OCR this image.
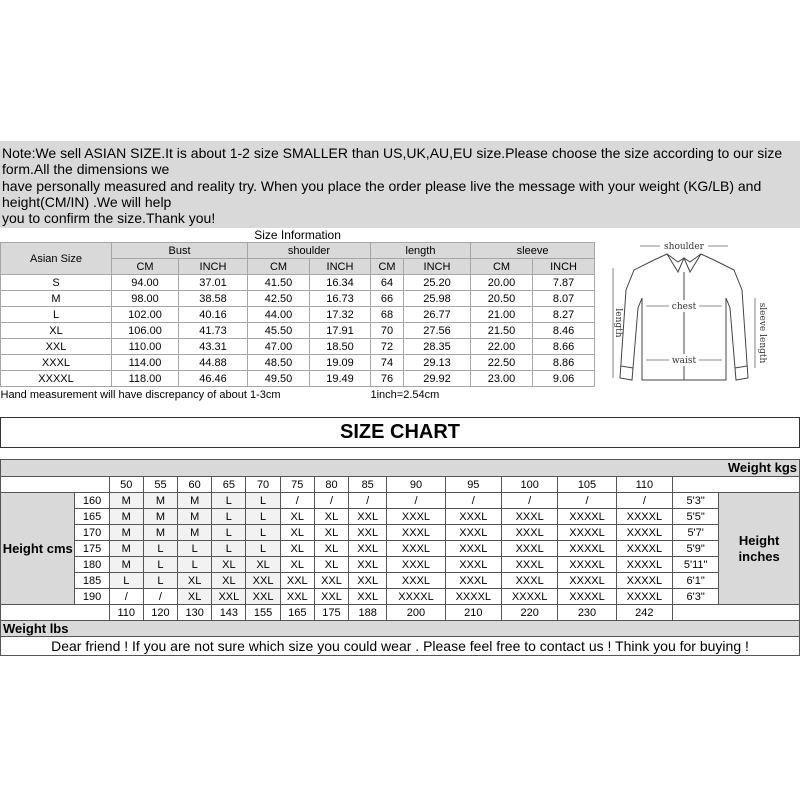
Note:We sell ASIAN SIZE.It is about 1-2 size SMALLER than US,UK,AU,EU size.Please choose the size according to our size form.All the dimensions we

have personally measured and reality try. When you place the order please live the message with your weight (KG/LB) and height(CM/IN) .We will help

you to confirm the size.Thank you!

Size Information								
Asian Size	Bust		shoulder		length		sleeve	
	CM	INCH	CM	INCH	CM	INCH	CM	INCH
S	94.00	37.01	41.50	16.34	64	25.20	20.00	7.87
M	98.00	38.58	42.50	16.73	66	25.98	20.50	8.07
L	102.00	40.16	44.00	17.32	68	26.77	21.00	8.27
XL	106.00	41.73	45.50	17.91	70	27.56	21.50	8.46
XXL	110.00	43.31	47.00	18.50	72	28.35	22.00	8.66
XXXL	114.00	44.88	48.50	19.09	74	29.13	22.50	8.86
XXXXL	118.00	46.46	49.50	19.49	76	29.92	23.00	9.06
Hand measurement will have discrepancy of about 1-3cm					1inch=2.54cm			
shoulder
chest
waist
length	sleeve length
SIZE CHART
Weight kgs																
		50	55	60	65	70	75	80	85	90	95	100	105	110		
Height cms	160	M	M	M	L	L	/	/	/	/	/	/	/	/	5'3"	Height inches
	165	M	M	M	L	L	XL	XL	XXL	XXXL	XXXL	XXXL	XXXXL	XXXXL	5'5"	
	170	M	M	M	L	L	XL	XL	XXL	XXXL	XXXL	XXXL	XXXXL	XXXXL	5'7'	
	175	M	L	L	L	L	XL	XL	XXL	XXXL	XXXL	XXXL	XXXXL	XXXXL	5'9"	
	180	M	L	L	XL	XL	XL	XL	XXL	XXXL	XXXL	XXXL	XXXXL	XXXXL	5'11"	
	185	L	L	XL	XL	XXL	XXL	XXL	XXL	XXXL	XXXL	XXXL	XXXXL	XXXXL	6'1"	
	190	/	/	XL	XXL	XXL	XXL	XXL	XXL	XXXXL	XXXXL	XXXXL	XXXXL	XXXXL	6'3"	
		110	120	130	143	155	165	175	188	200	210	220	230	242		
Weight lbs																
Dear friend ! If you are not sure which size you could wear . Please feel free to contact us ! Think you for buying !																
